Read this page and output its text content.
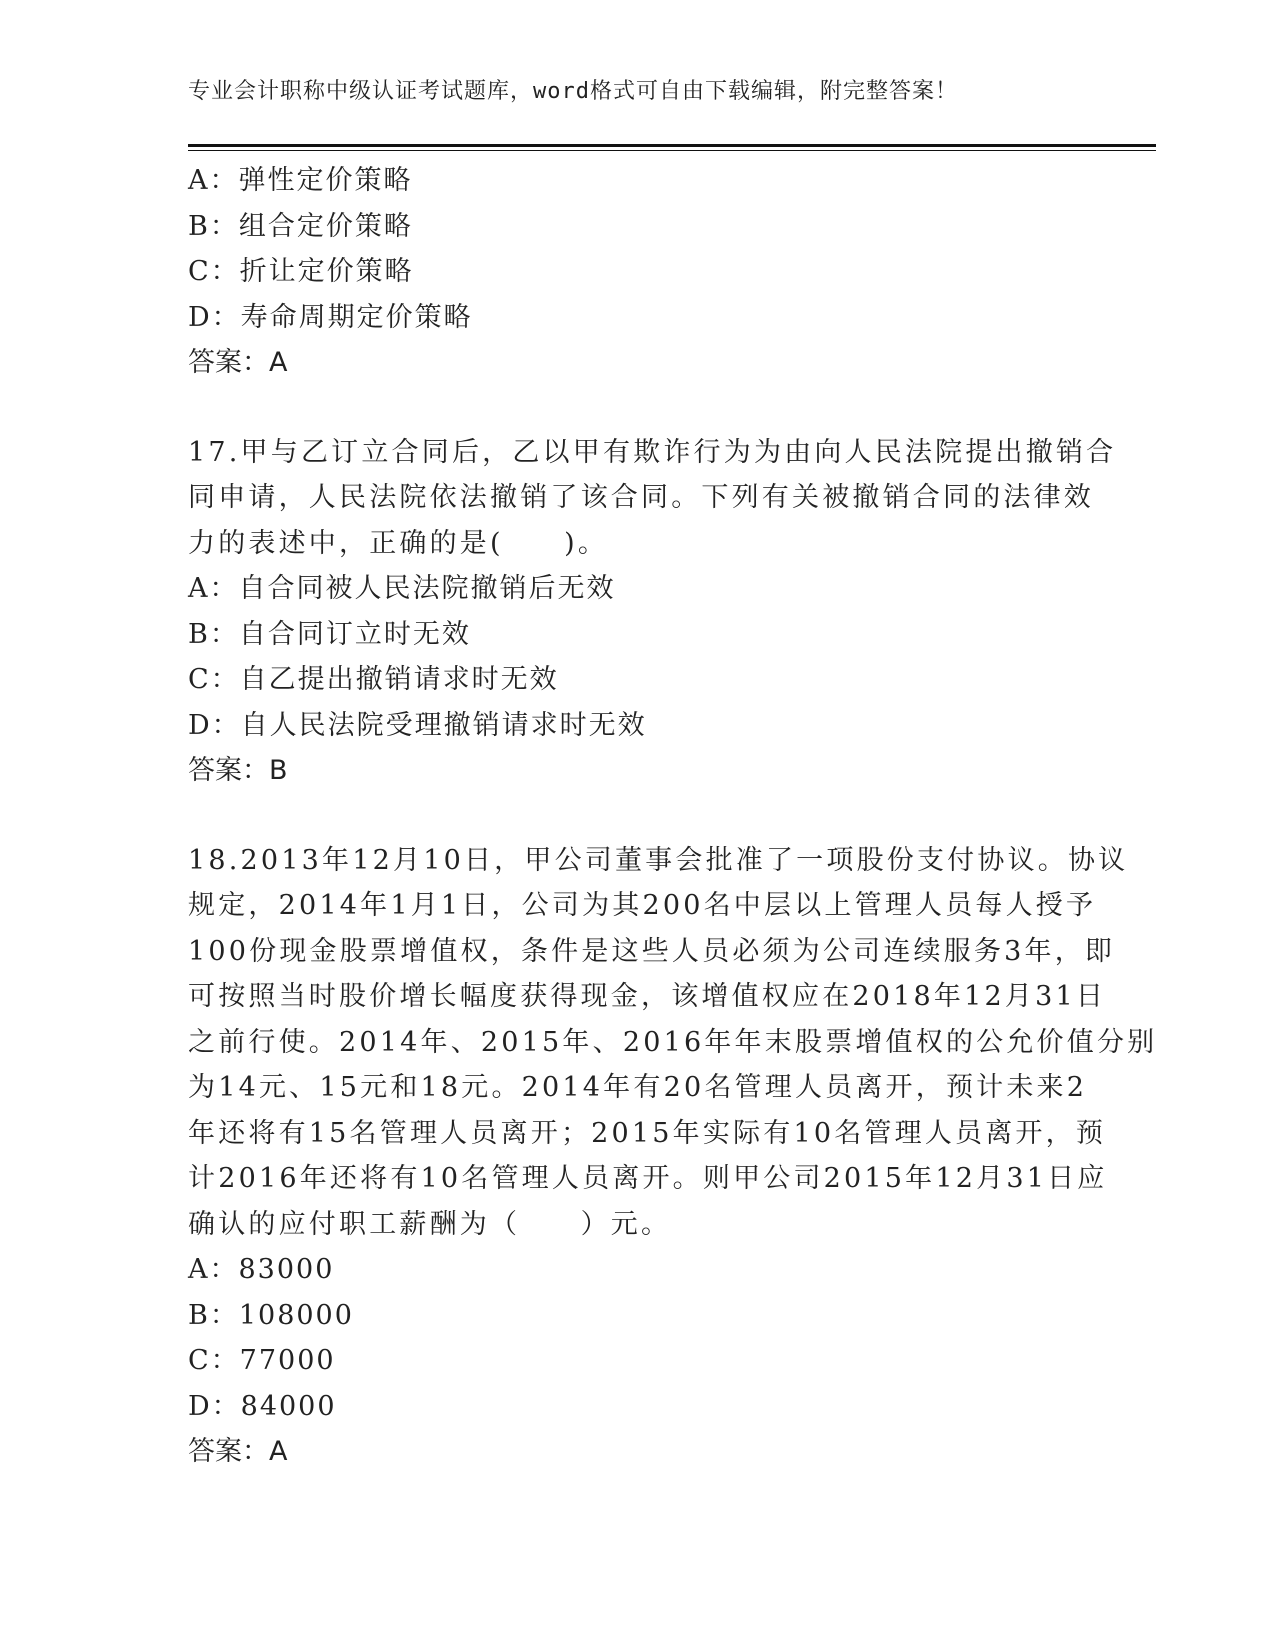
专业会计职称中级认证考试题库，word格式可自由下载编辑，附完整答案！
A：弹性定价策略
B：组合定价策略
C：折让定价策略
D：寿命周期定价策略
答案：A
17.甲与乙订立合同后，乙以甲有欺诈行为为由向人民法院提出撤销合
同申请，人民法院依法撤销了该合同。下列有关被撤销合同的法律效
力的表述中，正确的是(　　)。
A：自合同被人民法院撤销后无效
B：自合同订立时无效
C：自乙提出撤销请求时无效
D：自人民法院受理撤销请求时无效
答案：B
18.2013年12月10日，甲公司董事会批准了一项股份支付协议。协议
规定，2014年1月1日，公司为其200名中层以上管理人员每人授予
100份现金股票增值权，条件是这些人员必须为公司连续服务3年，即
可按照当时股价增长幅度获得现金，该增值权应在2018年12月31日
之前行使。2014年、2015年、2016年年末股票增值权的公允价值分别
为14元、15元和18元。2014年有20名管理人员离开，预计未来2
年还将有15名管理人员离开；2015年实际有10名管理人员离开，预
计2016年还将有10名管理人员离开。则甲公司2015年12月31日应
确认的应付职工薪酬为（　　）元。
A：83000
B：108000
C：77000
D：84000
答案：A
